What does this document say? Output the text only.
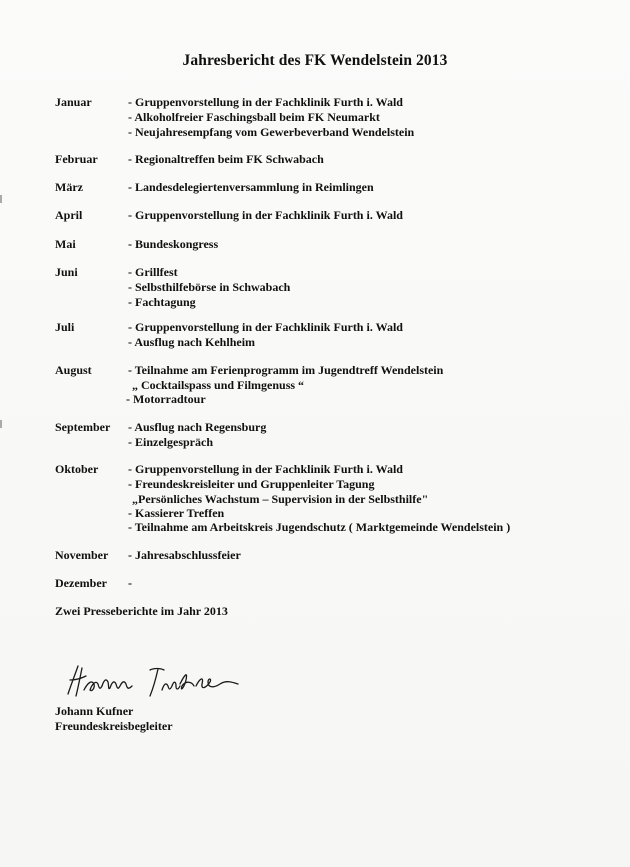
Jahresbericht des FK Wendelstein 2013
Januar	- Gruppenvorstellung in der Fachklinik Furth i. Wald
- Alkoholfreier Faschingsball beim FK Neumarkt
- Neujahresempfang vom Gewerbeverband Wendelstein
Februar	- Regionaltreffen beim FK Schwabach
März	- Landesdelegiertenversammlung in Reimlingen
April	- Gruppenvorstellung in der Fachklinik Furth i. Wald
Mai	- Bundeskongress
Juni	- Grillfest
- Selbsthilfebörse in Schwabach
- Fachtagung
Juli	- Gruppenvorstellung in der Fachklinik Furth i. Wald
- Ausflug nach Kehlheim
August	- Teilnahme am Ferienprogramm im Jugendtreff Wendelstein
„ Cocktailspass und Filmgenuss “
- Motorradtour
September - Ausflug nach Regensburg
- Einzelgespräch
Oktober - Gruppenvorstellung in der Fachklinik Furth i. Wald
- Freundeskreisleiter und Gruppenleiter Tagung
„Persönliches Wachstum – Supervision in der Selbsthilfe"
- Kassierer Treffen
- Teilnahme am Arbeitskreis Jugendschutz ( Marktgemeinde Wendelstein )
November - Jahresabschlussfeier
Dezember -
Zwei Presseberichte im Jahr 2013
Johann Kufner
Freundeskreisbegleiter
